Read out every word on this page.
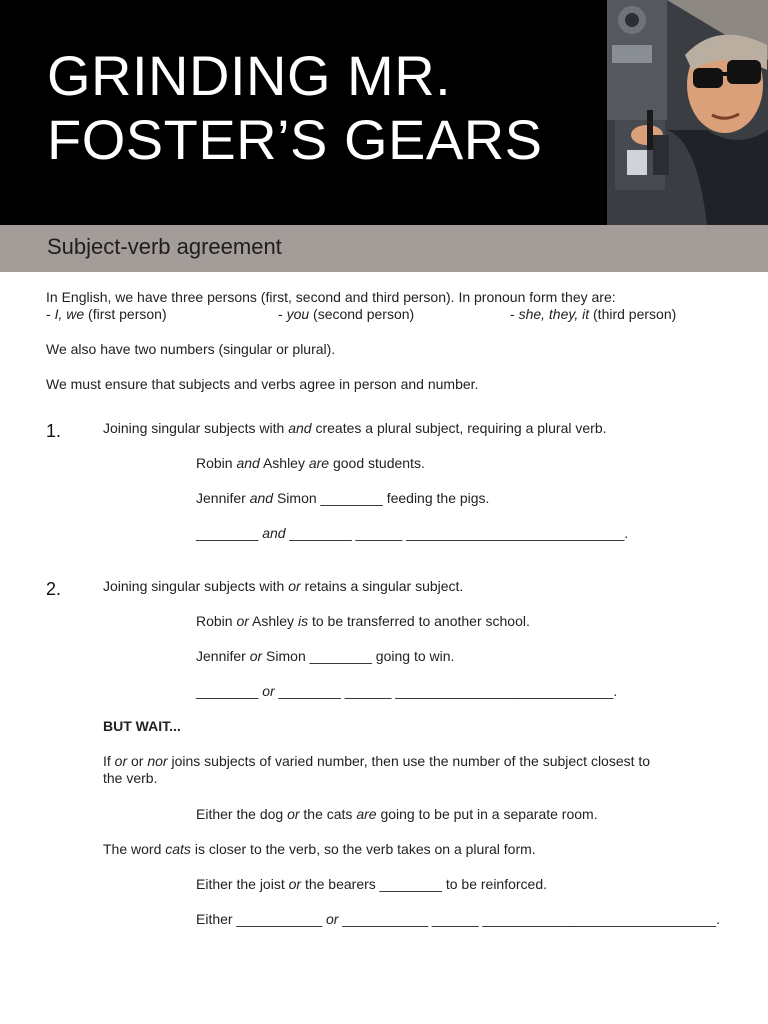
GRINDING MR.
FOSTER’S GEARS
Subject-verb agreement
In English, we have three persons (first, second and third person). In pronoun form they are:
- I, we (first person)	- you (second person)	- she, they, it (third person)
We also have two numbers (singular or plural).
We must ensure that subjects and verbs agree in person and number.
1.	Joining singular subjects with and creates a plural subject, requiring a plural verb.
Robin and Ashley are good students.
Jennifer and Simon ________ feeding the pigs.
________ and ________ ______ ____________________________.
2.	Joining singular subjects with or retains a singular subject.
Robin or Ashley is to be transferred to another school.
Jennifer or Simon ________ going to win.
________ or ________ ______ ____________________________.
BUT WAIT...
If or or nor joins subjects of varied number, then use the number of the subject closest to
the verb.
Either the dog or the cats are going to be put in a separate room.
The word cats is closer to the verb, so the verb takes on a plural form.
Either the joist or the bearers ________ to be reinforced.
Either ___________ or ___________ ______ ______________________________.
